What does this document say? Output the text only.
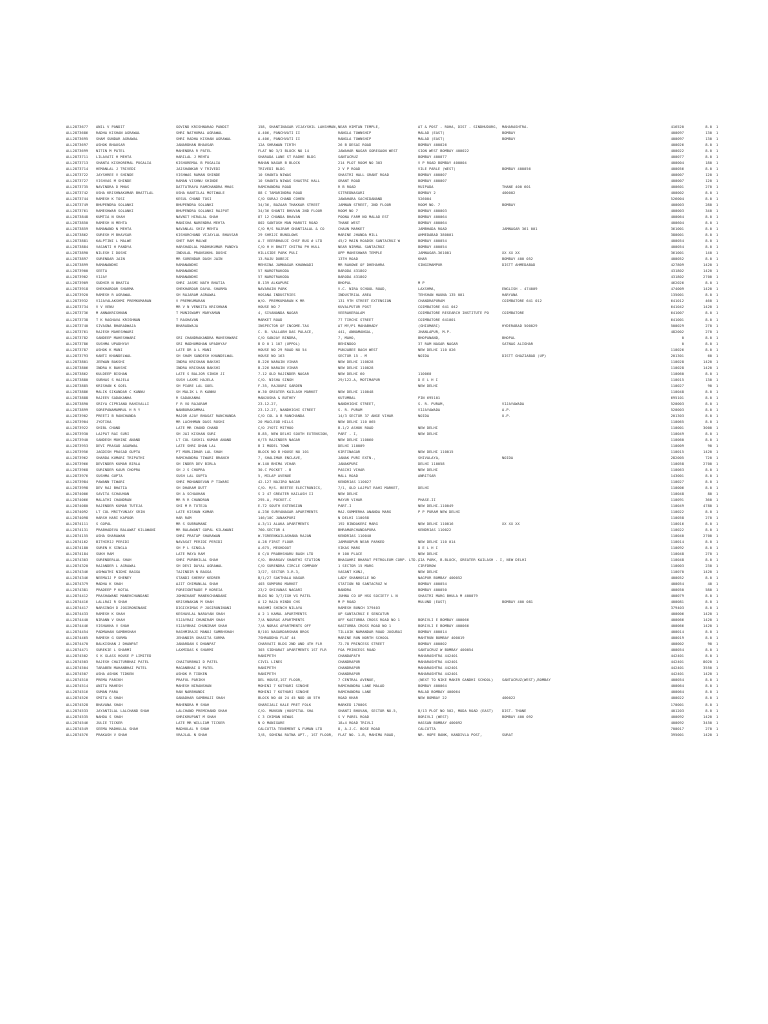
ALL2873677	ANIL V PANDIT	GOVIND KRISHNARAO PANDIT	158, SHANTINAGAR VIJAYSHIL LAKSHMAN, NEAR HIMTAN TEMPLE,	AT & POST - ROHA, DIST - SINDHUDURG,	MAHARASHTRA.	416520	8.0 1
ALL2873686	RADHA KISHAN AGRAWAL	SHRI NATHUMAL AGRAWAL	A-406, PANCHVATI II	RANGLA TOWNSHIP	MALAD (EAST)	BOMBAY	400097	130 1
ALL2873695	SHAM SUNDAR AGRAWAL	SHRI RADHA KISHAN AGRAWAL	A-406, PANCHVATI II	RANGLA TOWNSHIP	MALAD (EAST)	BOMBAY	400097	130 1
ALL2873697	ASHOK BHAUSAR	JANARDHAN BHAUSAR	12A SHRAWAN TIRTH	26 B DESAI ROAD	BOMBAY 400026	400026	8.0 1
ALL2873699	NITIN M PATEL	MAHENDRA R PATEL	FLAT NO 3/3 BLOCK NO 14	JAWAHAR NAGAR GOREGAON WEST	SION WEST BOMBAY 400022	400022	8.0 1
ALL2873711	LILAVATI H MEHTA	HARILAL J MEHTA	SHARADA LANE ST RADHE BLDG	SANTACRUZ	BOMBAY 400077	400077	8.0 1
ALL2873713	SHANTA KISHOREMAL PUGALIA	KISHOREMAL B PUGALIA	MAHAN NAGAR B BLOCK	214 PLOT ROOM NO 303	V P ROAD BOMBAY 400004	400004	180 1
ALL2873714	HEMANLAL J TRIVEDI	JAISHANKAR V TRIVEDI	TRIVEDI BLDG	2 V P ROAD	VILE PARLE (WEST)	BOMBAY 400056	400056	8.0 1
ALL2873722	JAYSHREE V SHINDE	VISHWAS RAMAN SHINDE	10 SHANTA NIWAS	SHASTRI HALL GRANT ROAD	BOMBAY 400007	400007	120 1
ALL2873727	VISHVAS M SHINDE	RAMAN VISHNU SHINDE	10 SHANTA NIWAS SHASTRI HALL	GRANT ROAD	BOMBAY 400007	400007	120 1
ALL2873735	NAVINDRA D MHAS	DATTATRAYA RAMCHANDRA MHAS	RAMCHANDRA ROAD	R B ROAD	RUIPADA	THANE 400 601	400601	270 1
ALL2873742	USHA KRISHNAKUMAR BHATTLAL	USHA KANTILAL MOTIWALE	88 C TAMARINDRA ROAD	SITREDNASARI	BOMBAY 2	400002	400002	8.0 1
ALL2873744	RAMESH K TOSI	KESUL CHAND TOSI	C/O SURAJ CHAND COHEN	JAWAHARA SACHIDANAND	526004	526004	8.0 1
ALL2873749	BHUPENDRA SOLANKI	BHUPENDRA SOLANKI	34/36, BAZAAR THAKKAR STREET	JAMNAN STREET, 2ND FLOOR	ROOM NO. 7	BOMBAY	400003	280 1
ALL2873761	RAMESHWAR SOLANKI	BHUPENDRA SOLANKI RAJPUT	34/36 SHANTI BHUVAN 2ND FLOOR	ROOM NO 7	BOMBAY 400003	400003	340 1
ALL2873848	KUMTIA N SHAH	NAVNIT HIRALAL SHAH	87 12 CHANDA BHAVAN	POONA FARM NO MALAD EST	BOMBAY 400064	400064	8.0 1
ALL2873850	RAMESH N MEHTA	MANISHA NARENDRA MEHTA	802 SANTOSH MAN MARUTI ROAD	THANE WEST	BOMBAY 400064	400604	8.0 1
ALL2873859	RAMANAND N MEHTA	NAVANLAL SHIV MEHTA	C/O M/S RAJRAM GHANTIALAL & CO	CHAUN MARKET	JAMBHADA ROAD	JAMNAGAR 361 001	361001	8.0 1
ALL2873862	SURESH M BHAVSAR	KISHORCHAND VIJAYLAL BHAVSAR	29 SHRIJI BUNGLOWS	MARINE JHANDA MILL	AHMEDABAD 380001	380001	8.0 1
ALL2873881	KALPTINI L MALWE	SHET RAM MALWE	A-7 VEERBHAUJI CHSF BUG # LTD	45/2 MAIN ROADSK SANTACRUZ W	BOMBAY 400054	400054	8.0 1
ALL2873884	VASANTI H PANDYA	HARSHADLAL MADHUKUMAR PANDYA	C/O H H BHATT CHITRA PH HULL	NEAR NIRMAL SANTACRUZ	BOMBAY 400054	400054	8.0 1
ALL2873890	NILESH I DOSHI	INDULAL PRANSUKHL DOSHI	HILLSIDE PARK PULI	OPP MAHESHWAR TEMPLE	JAMNAGAR-361001	XX XX XX	361001	140 1
ALL2873897	SURENDAR JAIN	MR SURENDAR DASH JAIN	13-RAJU DUBEJI	13TH ROAD	KHAR	BOMBAY 400 052	400052	8.0 1
ALL2873899	RAMANANDHI	RAMANANDHI	MEHSINA JAMNAGAR KHANWADI	MR RAKOWE OF DHEHAHRA	SINGIMAMPUR	DISTT AHMEDABAD	427809	1420 1
ALL2873900	SEETA	RAMANANDHI	57 NAROTRAKODA	BARODA 431802	431802	1420 1
ALL2873902	VIJAY	RAMANANDHI	57 NAROTRAKODA	BARODA 431802	431802	2700 1
ALL2873909	SUDHIR N BHATIA	SHRI JASMI NATH BHATIA	B-139 ALKAPURI	BHOPAL	M P	462026	8.0 1
ALL2873918	SHEKHARDAR SHARMA	SHEKHARDAR DAYAL SHARMA	NAVARAIN PARK	V.C. NIRA SCHOOL ROAD,	LAXSHMA,	ENGLISH - 474009	474009	1420 1
ALL2873920	RAMESH R AGRAWAL	SH RAJARAM AGRAWAL	HOSANA INDUSTRIES	INDUSTRIAL AREA	TEHSHAN HAUNA 135 001	HARYANA	135001	8.0 1
ALL2873932	VIJAYALAKSHMI PREMKUMARAN	V PREMKUMARAN	W/O. PREMKUMARAN K MR	131 9TH STREET EXTENSION	CHANDRAPURAM	COIMBATORE 641 012	641012	460 1
ALL2873734	V V VENU	MR V N VENKITA KRISHNAN	HOUSE NO 7	KUVALPUTUR POST	COIMBATORE 641 042	641042	1420 1
ALL2873736	M ANNAKRISHNAN	T MUNISWAMY MARYAMAN	4, SIVANANDA NAGAR	VEERAKERALAM	COIMBATORE RESEARCH INSTITUTE PO	COIMBATORE	641007	8.0 1
ALL2873738	T K RAGHAVA KRISHNAN	T RAGHAVAN	MARKET ROAD	77 TIRCHI STREET	COIMBATORE 641001	641001	8.0 1
ALL2873740	SIVAGNA BHARADWAJA	BHARADWAJA	INSPECTOR OF INCOME-TAX	AT MY/P1 MAHABHADY	(GHIOMARI)	HYDERABAD 500029	500029	270 1
ALL2873761	RAJESH MAHESHWARI	C. B. VALLABH DAS PALACE,	441, ANNAMANGAL,	JHANLAPUR, M.P.	482002	270 1
ALL2873782	SANDEEP MAHESHWARI	SRI CHANDRAKANDRA MAHESHWARI	C/O SANJAY BINDRA,	7, MAHO,	BHOPANAND,	BHOPAL	0	8.0 1
ALL2873786	SUSHMA UPADHYAY	SRI MADHUMOHAN UPADHYAY	B D 0 1 107 (UPPOL)	BEHINDOO	37 RAM NAGAR NAGAR	SATNAG ALIGHAR	0	8.0 1
ALL2873787	ASHOK K MANI	LATE DR A L MANI	HOUSE NO 29 ROAD NO 54	PUNJABEE BAGH WEST	NEW DELHI 110 026	110026	8.0 1
ALL2873793	KANTI KHANDELWAL	SH SHAM SANDESH KHANDELWAL	HOUSE NO 163	SECTOR 15 - M	NOIDA	DISTT GHAZIABAD (UP)	201301	60 1
ALL2873801	JEEWAN BAKSHI	INDRA KRISHAN BAKSHI	B-226 NARAIN VIHAR	NEW DELHI 110028	110028	1420 1
ALL2873806	INDRA K BAKSHI	INDRA KRISHAN BAKSHI	B-226 NARAIN VIHAR	NEW DELHI 110028	110028	1420 1
ALL2873862	KULDEEP BISHAN	LATE S BALJOR SINGH JI	7-12 OLD RAJINDER NAGAR	NEW DELHI 60	110060	110060	8.0 1
ALL2873880	SUBHAS S HAJELA	SUSH LAXMI HAJELA	C/O. NISHA SINGH	29/122-A, MOTIMAPUR	D E L H I	110015	130 1
ALL2873885	KRISHAN K GOEL	SH PIARE LAL GOEL	F-35, RAJOURI GARDEN	NEW DELHI	110027	90 1
ALL2873886	MALIK SIKANDAR C KANNU	SH MALIK L R KANNU	W-30 GREATER KAILASH MARKET	NEW DELHI 110048	110048	8.0 1
ALL2873888	RAJEEV SADAKANHA	R SADAKANHA	MANJUSHA & BUTHEY	KUTUMBAL	PIN 695101	695101	8.0 1
ALL2873890	SRIYA CIPRIANO RAHIVALLI	F R VO RAJARAM	23-12-27,	NANDHIGHI STREET,	S. R. PURAM,	VIJAYAWADA	520003	8.0 1
ALL2873899	SOREPANAMAMRUL H R Y	NANBORAKAMMAL	23-12-27, NANDHIGHI STREET	S. R. PURAM	VIJAYAWADA	A.P.	520003	8.0 1
ALL2873902	PREETI B RANCHANDA	MAJOR AJAY BHAGAT RANCHANDA	C/O COL A B RANCHANDA	14/3 SECTOR 37 ANGE VIHAR	NOIDA	U.P.	201303	8.0 1
ALL2873904	JYOTIKA	MR LACHHMAN DASS ROSHI	20 MACLEOD HILLS	NEW DELHI 110 065	110065	8.0 1
ALL2873922	SHIBL CHAND	LATE MR CHAND CHAND	C/O JYOTI MITHOO	B-1/2 ASHOK ROAD	NEW DELHI	110001	3000 1
ALL2873930	LAJPAT RAI SURI	SH JAI KISHAN SURI	B-85, NEW DELHI SOUTH EXTENSION,	PART - I,	NEW DELHI	110049	8.0 1
ALL2873940	SANDESH MOHINI ANAND	LT COL SUSHIL KUMAR ANAND	6/75 RAJINDER NAGAR	NEW DELHI 110060	110060	8.0 1
ALL2873953	DEVI PRASAD AGARWAL	LATE SHRI DHAN LAL	B I MODEL TOWN	DELHI 110009	110009	90 1
ALL2873956	JAGDISH PRASAD GUPTA	PT MURLIDHAR LAL SHAH	BLOCK NO B HOUSE NO 101	KIRTINAGAR	NEW DELHI 110015	110015	1420 1
ALL2873962	SHARDA KUMARI TRIPATHI	RAMCHANDRA TIWARI BRANCH	7, SHALIMAR ENCLAVE,	JANAK PURI EXTN.,	SHIVALAYA,	NOIDA	282005	720 1
ALL2873966	DEVINDER KUMAR BIRLA	SH INDER DEV BIRLA	W-140 BHIMA VIHAR	JANAKPURI	DELHI 110058	110058	2700 1
ALL2873968	SURINDER KAUR CHOPRA	SH J S CHOPRA	30-C POCKET - B	PASCHI VIHAR	NEW DELHI	110063	8.0 1
ALL2873976	SUSHMA GUPTA	SUSH LAL GUPTA	5, MILAP AVENUE	MALL ROAD	ANRITSAR	143001	8.0 1
ALL2873984	PAWANN TIWARI	SHRI MOHANDEVAN P TIWARI	42-127 NAJIRO NAGAR	KENDRIAS 110027	110027	8.0 1
ALL2873998	DEV RAJ BHATIA	SH DHARAM DUTT	C/O. M/S. BEETEE ELECTRONICS,	7/1, OLD LAJPAT RAHI MARKET,	DELHI	110006	8.0 1
ALL2874006	SAVITA SCHAUHAN	SH A SCHAUHAN	S 2 47 GREATER KAILASH II	NEW DELHI	110048	80 1
ALL2874066	MALATHI CHANDRAN	MR R R CHANDRAN	295-A, POCKET-C	MAYUR VIHAR	PHASE-II	110091	360 1
ALL2874080	RAJENDER KUMAR TUTEJA	SHI M R TUTEJA	E-72 SOUTH EXTENSION	PART-I	NEW DELHI-110049	110049	4780 1
ALL2874092	LT COL MRITYUNJAY SRIN	LATE KISHAN KUMAR	A-236 SURYANAGAR APARTMENTS	MAJ.SUMMERHA ANANDA MARG	P P PURAM NEW DELHI	110022	8.0 1
ALL2874098	HARSH HARI KAPOOR	HAR RAM	146/10C JANAKPURI	N DELHI 110058	110058	270 1
ALL2874111	S GOPAL	MR S SUBRAMANI	A-3/11 ALAKA APARTMENTS	192 BINDAKERI MARG	NEW DELHI 110016	XX XX XX	110016	8.0 1
ALL2874131	PRABHADEVA BALAWAT KILAWANI	MR BALAWANT GOPAL KILAWANI	760-SECTOR 4	BHRAMARCHANDAPURA	KENDRIAS 110022	110022	8.0 1
ALL2874155	ASHA SHARAWAN	SHRI PRATAP SHARAWAN	W-7GREENKAILASHANA RAJAN	KENDRIAS 110040	110040	2700 1
ALL2874162	BITHIRIJ PERIDI	NAVASAT PERIDI PERIDI	A-28 FIRST FLOOR	JAMRUDPUR NEAR PARKED	NEW DELHI 110 014	110014	8.0 1
ALL2874180	SUREN K SINGLA	SH P L SINGLA	A-675, MEGHDOOT	VIKAS MARG	D E L H I	110092	8.0 1
ALL2874184	SUKH RAM	LATE MAYA RAM	8 C/O PRABHSHARU BAGH LTD	H 100 PLACE	NEW DELHI	110048	270 1
ALL2874303	SURENDERLAL SHAH	SHRI PURBHILAL SHAH	C/O. BHARGAV SHANTHI STATION	BHAGAHRI BHARAT PETROLEUM CORP. LTD.,
GIA PARK, B-BLOCK, GREATER KAILASH - I, NEW DELHI	110048	8.0 1
ALL2874320	RAJANDER L AGRAWAL	SH DEVI DAYAL AGRAWAL	C/O SURENDRA CIRCLE COMPANY	1 SECTOR 15 MARG	CIRFDROW	110003	230 1
ALL2874346	ASHWATHI NIDHI BAGGA	TAJINDIR N BAGGA	3/27, SECTOR 3-R-3,	VASANT KUNJ,	NEW DELHI	110070	1420 1
ALL2874346	NEEMAIJ P SHENEY	STANDI SHERRY KEDRER	B/1/27 SAKTHALA NAGAR	LADY SHANHOSLE NO	NAGPUR BOMBAY 400052	400052	8.0 1
ALL2874379	MADHA K SHAH	AJIT CHIMANLAL SHAH	403 SUMPORO MARKET	STATION RD SANTACRUZ W	BOMBAY 400054	400054	40 1
ALL2874381	PRADEEP P KOTAL	FOREIGNTRADE P KOREIA	23/2 SHIVANAS NAGARI	BANDRA	BOMBAY 400050	400050	580 1
ALL2874412	PRASHAWANI MANEKCHANDANI	JOHNIKANT MANEKCHANDANI	BLDG NO 3/7/IGH VG PATEL	JUHNA CO OP HSG SOCIETY L N	SHASTRI MARG BHULA M 400079	400079	8.0 1
ALL2874416	LALLRAI R SHAH	KRISHNAKAN M SHAH	A 12 RAJA HINDU CHS	M P ROAD	MULUND (EAST)	BOMBAY 400 081	400081	8.0 1
ALL2874417	NARSINGH D JOGIRONINANI	DIGICHIMAS P JOGIRONINANI	RASHMI SHINCH NILAYA	RAMESH BUNCH 379403	379403	8.0 1
ALL2874433	RAMESH K SHAH	KESHAVLAL NARAYAN SHAH	A 2 1 KAMAL APARTMENTS	UP SANTACRUZ E SENCATUR	400006	1420 1
ALL2874440	NIRANN V SHAH	VIJAYRAI CHUNIRAM SHAH	7/A NOURAS APARTMENTS	OFF KASTURBA CROSS ROAD NO 1	BORIVLI E BOMBAY 400066	400066	1420 1
ALL2874446	VISHAKHA V SHAH	VIJAYBHAI CHUNIRAM SHAH	7/A NORAS APARTMENTS OFF	KASTURBA CROSS ROAD NO 1	BORIVLI E BOMBAY 400066	400066	1420 1
ALL2874454	PADMAHAN SAMBHSHAH	RASHMIRAJI MANOJ SAMBHSHAH	B/101 NAGARDARSHAN BROS	TILLOIK NAMANDAR ROAD JUGUBAI	BOMBAY 400014	400014	8.0 1
ALL2874465	RAMESH G SURMA	JEHANDIR GHASITA SURMA	7SHRADDHA FLAT 44	MARINE RUN NORTH SCHOOL	MAHTRUN BOMBAY 400019	400019	8.0 1
ALL2874470	BALKISHAN J DHANPAT	JANARDAN S DHANPAT	CHARVATI BLDG 2ND AND 4TH FLR	72-78 PRINCESS STREET	BOMBAY 400002	400002	90 1
ALL2874471	SUREKIE L SHARMI	LAXMIDAS K SHARMI	303 SIDHARAT APARTMENTS 1ST FLR	FOA PRINCESS ROAD	SANTACRUZ W BOMBAY 400054	400054	8.0 1
ALL2874502	S K GLASS HOUSE P LIMITED	RANIPETH	CHANDAPATH	MAHARASHTRA 442401	442401	8.0 1
ALL2874503	RAJESH CHAITURBHAI PATEL	CHAITURBHAI D PATEL	CIVIL LINES	CHANDRAPUR	MAHARASHTRA 442401	442401	8020 1
ALL2874504	TARABEN MAHANBHAI PATEL	MAGANBHAI D PATEL	RANIPETH	CHANDRAPUR	MAHARASHTRA 442401	442401	3550 1
ALL2874507	ASHA ASHOK TIDKEN	ASHOK R TIDKEN	RANIPETH	CHANDRAPUR	MAHARASHTRA 442401	442401	1420 1
ALL2874510	PREMA PARIKH	PRAFUL PARIKH	DEL HOUSE,1ST FLOOR,	7 CENTRAL AVENUE,	(NEXT TO NIKE MAKER GANDHI SCHOOL)	SANTACRUZ(WEST),BOMBAY	400054	8.0 1
ALL2874514	ANITA MAHESH	MAHESH NIRANSHAN	MOHINI 7 KOTHARI SINGHE	RAMCHANDRA LANE MALAD	BOMBAY 400064	400064	8.0 1
ALL2874516	SUMAN PARA	RAN NARBHANDI	MOHINI 7 KOTHARI SINGHE	RAMCHANDRA LANE	MALAD BOMBAY 400064	400064	8.0 1
ALL2874526	SMITA G SHAH	GANADHAR SAMBHAJI SHAH	BLOCK NO 40 24 45 NOD 40 5TH	ROAD KHAR	NEW BOMBAY 22	400022	400022	8.0 1
ALL2874528	BHAVANA SHAH	MAHENDRA M SHAH	SHARIJALI KALE PRET FOLK	MARKED 17000S	170001	8.0 1
ALL2874533	JAYANTILAL LALCHAND SHAH	LALCHAND PREMCHAND SHAH	C/O. MUNSUN (HOSPITAL SHA	SHANTI BHUVAN, SECTOR NO.5,	B/13 PLOT NO 502, MODA ROAD (EAST)	DIST- THANE	401203	8.0 1
ALL2874535	NAHDA S SHAH	SHRIKRUPANT M SHAH	C 3 CHIMAN NIWAS	S V PAREL ROAD	BORIVLI (WEST)	BOMBAY 400 092	400092	1420 1
ALL2874546	JULIE TICKER	LATE MR WILLIAM TICKER	N O MANIGARE	18+4 ROAD TRIVLI	HASSAN BOMBAY 400092	400092	3450 1
ALL2874549	SEEMA MADHULAL SHAH	MADHULAL R SHAH	CALCUTTA TENEMENT & FUMAN LTD	8, A.J.C. BOSE ROAD	CALCUTTA	700017	270 1
ALL2874576	PRAKASH V SHAH	VRAJLAL N SHAH	3/8, SOHINA RATNA APT., 1ST FLOOR,	FLAT NO. 1-B, MAHIMA ROAD,	NR. HOPE BANK, KANDIVLA POST,	SURAT	395001	1420 1
